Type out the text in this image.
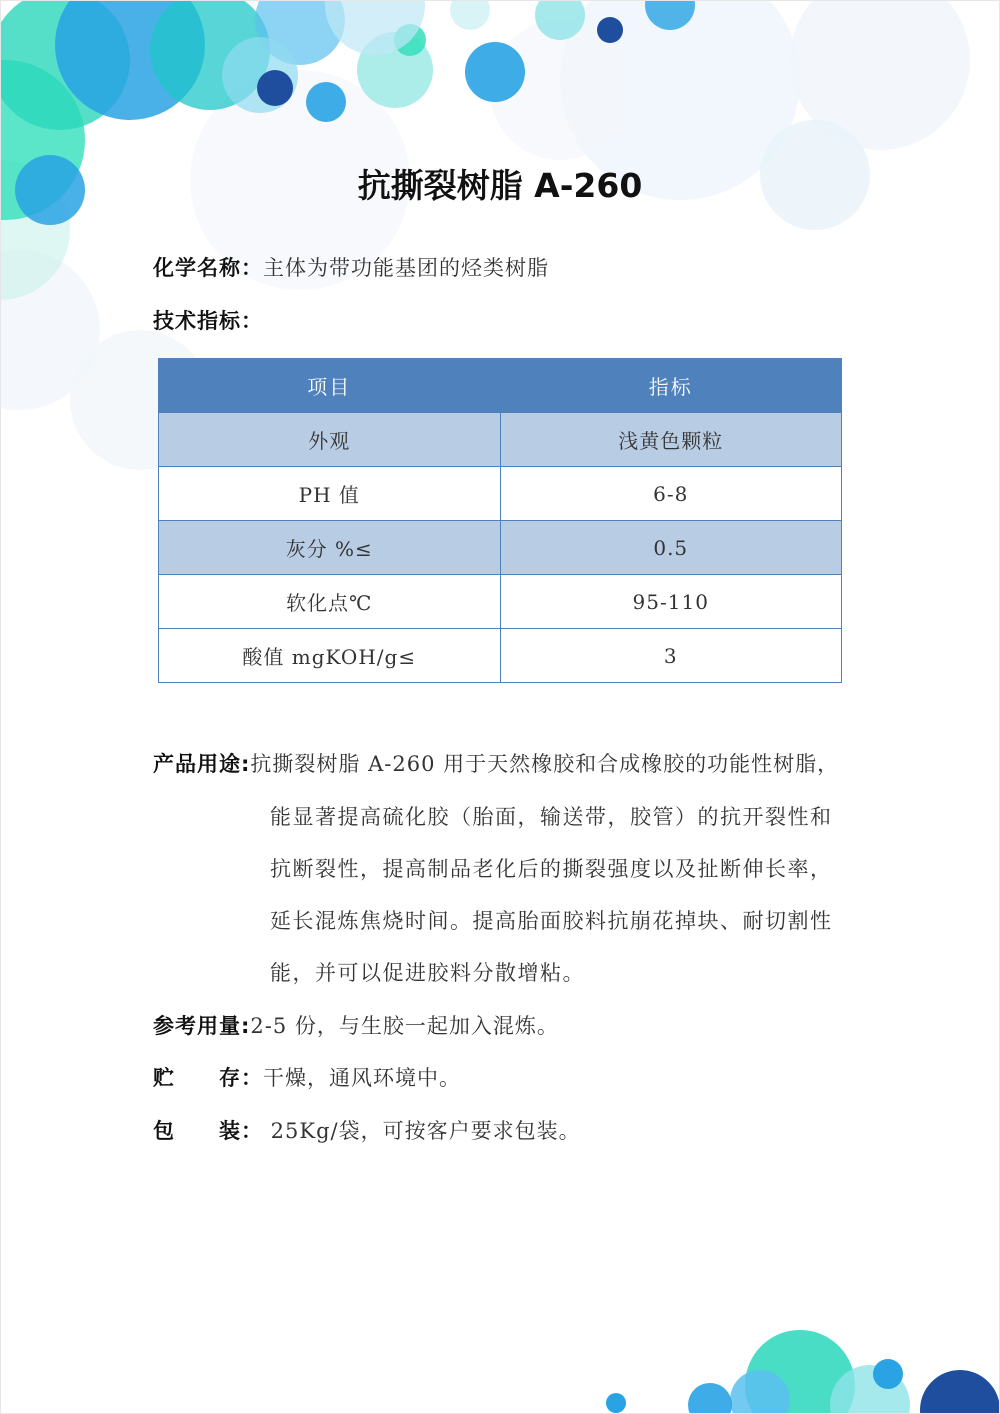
抗撕裂树脂 A-260
化学名称：主体为带功能基团的烃类树脂
技术指标：
项目	指标
外观	浅黄色颗粒
PH 值	6-8
灰分 %≤	0.5
软化点℃	95-110
酸值 mgKOH/g≤	3
产品用途:抗撕裂树脂 A-260 用于天然橡胶和合成橡胶的功能性树脂，
能显著提高硫化胶（胎面，输送带，胶管）的抗开裂性和
抗断裂性，提高制品老化后的撕裂强度以及扯断伸长率，
延长混炼焦烧时间。提高胎面胶料抗崩花掉块、耐切割性
能，并可以促进胶料分散增粘。
参考用量:2-5 份，与生胶一起加入混炼。
贮　　存：干燥，通风环境中。
包　　装： 25Kg/袋，可按客户要求包装。
